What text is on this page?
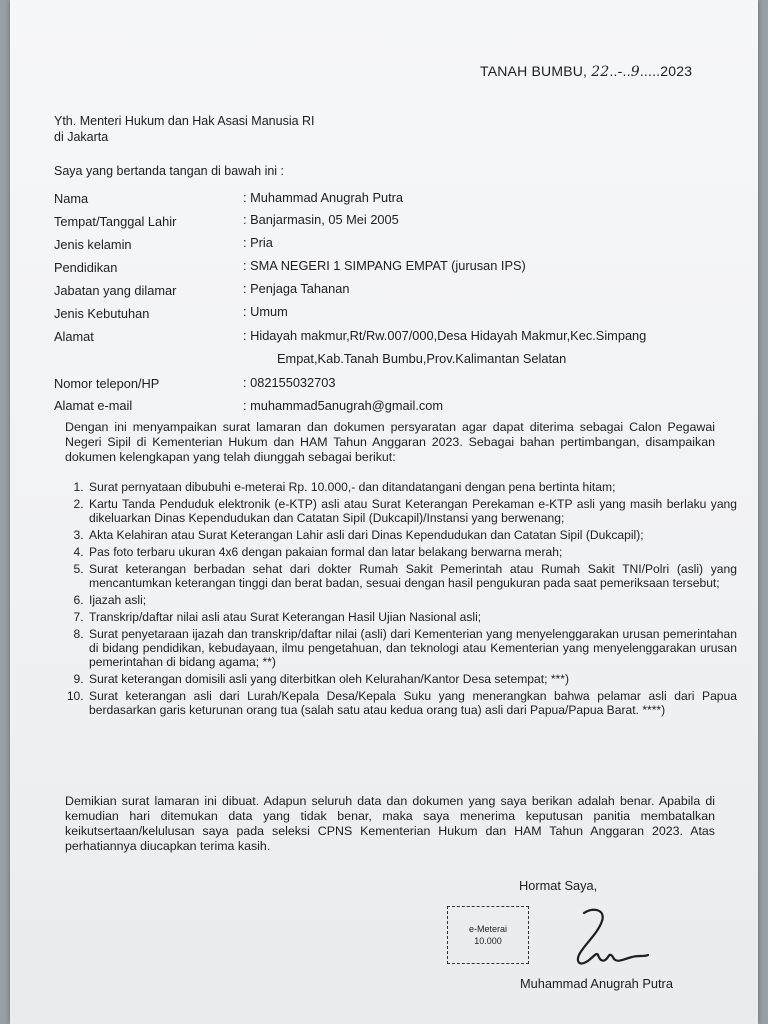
TANAH BUMBU, 22..-..9.....2023
Yth. Menteri Hukum dan Hak Asasi Manusia RI
di Jakarta
Saya yang bertanda tangan di bawah ini :
Nama	: Muhammad Anugrah Putra
Tempat/Tanggal Lahir	: Banjarmasin, 05 Mei 2005
Jenis kelamin	: Pria
Pendidikan	: SMA NEGERI 1 SIMPANG EMPAT (jurusan IPS)
Jabatan yang dilamar	: Penjaga Tahanan
Jenis Kebutuhan	: Umum
Alamat	: Hidayah makmur,Rt/Rw.007/000,Desa Hidayah Makmur,Kec.Simpang
Empat,Kab.Tanah Bumbu,Prov.Kalimantan Selatan
Nomor telepon/HP	: 082155032703
Alamat e-mail	: muhammad5anugrah@gmail.com
Dengan ini menyampaikan surat lamaran dan dokumen persyaratan agar dapat diterima sebagai Calon Pegawai Negeri Sipil di Kementerian Hukum dan HAM Tahun Anggaran 2023. Sebagai bahan pertimbangan, disampaikan dokumen kelengkapan yang telah diunggah sebagai berikut:
1. Surat pernyataan dibubuhi e-meterai Rp. 10.000,- dan ditandatangani dengan pena bertinta hitam;
2. Kartu Tanda Penduduk elektronik (e-KTP) asli atau Surat Keterangan Perekaman e-KTP asli yang masih berlaku yang dikeluarkan Dinas Kependudukan dan Catatan Sipil (Dukcapil)/Instansi yang berwenang;
3. Akta Kelahiran atau Surat Keterangan Lahir asli dari Dinas Kependudukan dan Catatan Sipil (Dukcapil);
4. Pas foto terbaru ukuran 4x6 dengan pakaian formal dan latar belakang berwarna merah;
5. Surat keterangan berbadan sehat dari dokter Rumah Sakit Pemerintah atau Rumah Sakit TNI/Polri (asli) yang mencantumkan keterangan tinggi dan berat badan, sesuai dengan hasil pengukuran pada saat pemeriksaan tersebut;
6. Ijazah asli;
7. Transkrip/daftar nilai asli atau Surat Keterangan Hasil Ujian Nasional asli;
8. Surat penyetaraan ijazah dan transkrip/daftar nilai (asli) dari Kementerian yang menyelenggarakan urusan pemerintahan di bidang pendidikan, kebudayaan, ilmu pengetahuan, dan teknologi atau Kementerian yang menyelenggarakan urusan pemerintahan di bidang agama; **)
9. Surat keterangan domisili asli yang diterbitkan oleh Kelurahan/Kantor Desa setempat; ***)
10. Surat keterangan asli dari Lurah/Kepala Desa/Kepala Suku yang menerangkan bahwa pelamar asli dari Papua berdasarkan garis keturunan orang tua (salah satu atau kedua orang tua) asli dari Papua/Papua Barat. ****)
Demikian surat lamaran ini dibuat. Adapun seluruh data dan dokumen yang saya berikan adalah benar. Apabila di kemudian hari ditemukan data yang tidak benar, maka saya menerima keputusan panitia membatalkan keikutsertaan/kelulusan saya pada seleksi CPNS Kementerian Hukum dan HAM Tahun Anggaran 2023. Atas perhatiannya diucapkan terima kasih.
Hormat Saya,
e-Meterai
10.000
Muhammad Anugrah Putra
